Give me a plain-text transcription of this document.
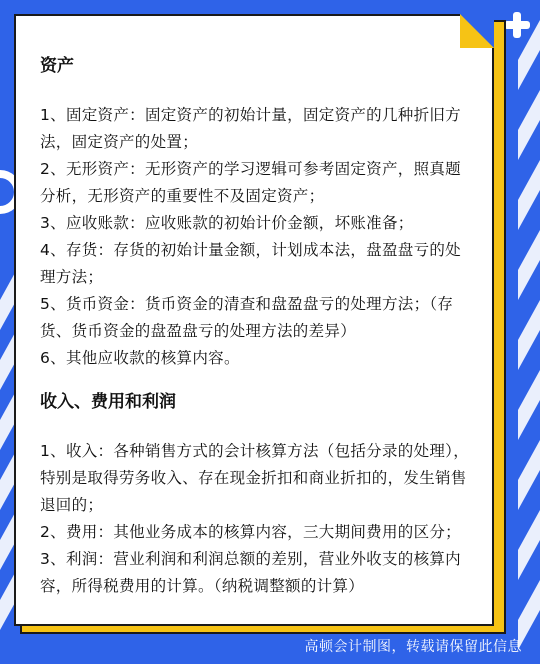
资产

1、固定资产：固定资产的初始计量，固定资产的几种折旧方法，固定资产的处置；

2、无形资产：无形资产的学习逻辑可参考固定资产，照真题分析，无形资产的重要性不及固定资产；

3、应收账款：应收账款的初始计价金额，坏账准备；

4、存货：存货的初始计量金额，计划成本法，盘盈盘亏的处理方法；

5、货币资金：货币资金的清查和盘盈盘亏的处理方法；（存货、货币资金的盘盈盘亏的处理方法的差异）

6、其他应收款的核算内容。

收入、费用和利润

1、收入：各种销售方式的会计核算方法（包括分录的处理），特别是取得劳务收入、存在现金折扣和商业折扣的，发生销售退回的；

2、费用：其他业务成本的核算内容，三大期间费用的区分；

3、利润：营业利润和利润总额的差别，营业外收支的核算内容，所得税费用的计算。（纳税调整额的计算）

高顿会计制图，转载请保留此信息
